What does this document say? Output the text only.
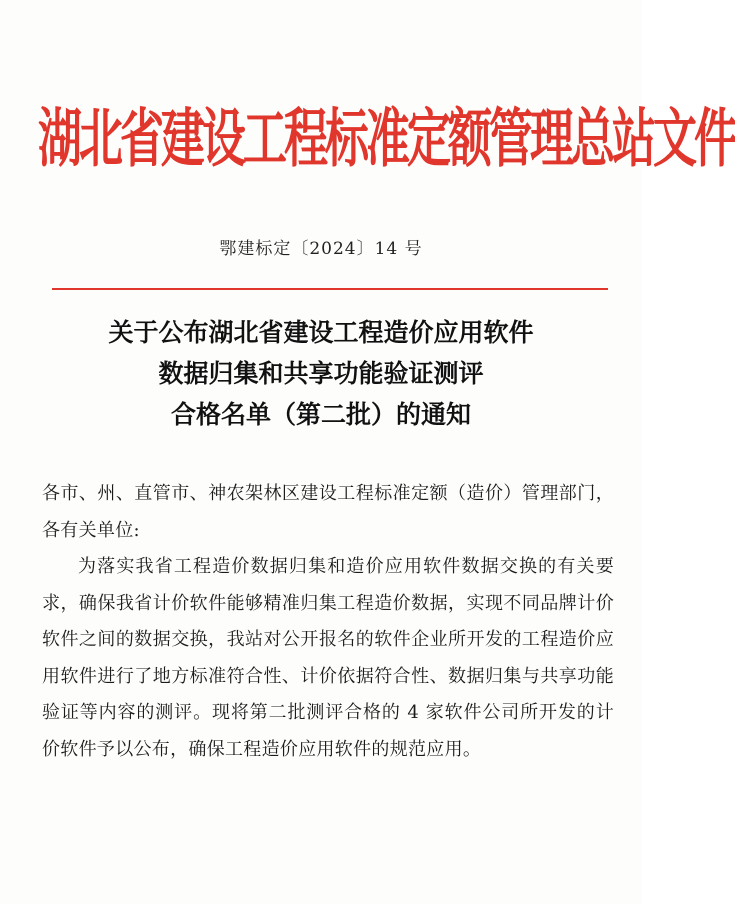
湖北省建设工程标准定额管理总站文件
鄂建标定〔2024〕14 号
关于公布湖北省建设工程造价应用软件
数据归集和共享功能验证测评
合格名单（第二批）的通知

各市、州、直管市、神农架林区建设工程标准定额（造价）管理部门，各有关单位:

为落实我省工程造价数据归集和造价应用软件数据交换的有关要求，确保我省计价软件能够精准归集工程造价数据，实现不同品牌计价软件之间的数据交换，我站对公开报名的软件企业所开发的工程造价应用软件进行了地方标准符合性、计价依据符合性、数据归集与共享功能验证等内容的测评。现将第二批测评合格的 4 家软件公司所开发的计价软件予以公布，确保工程造价应用软件的规范应用。
